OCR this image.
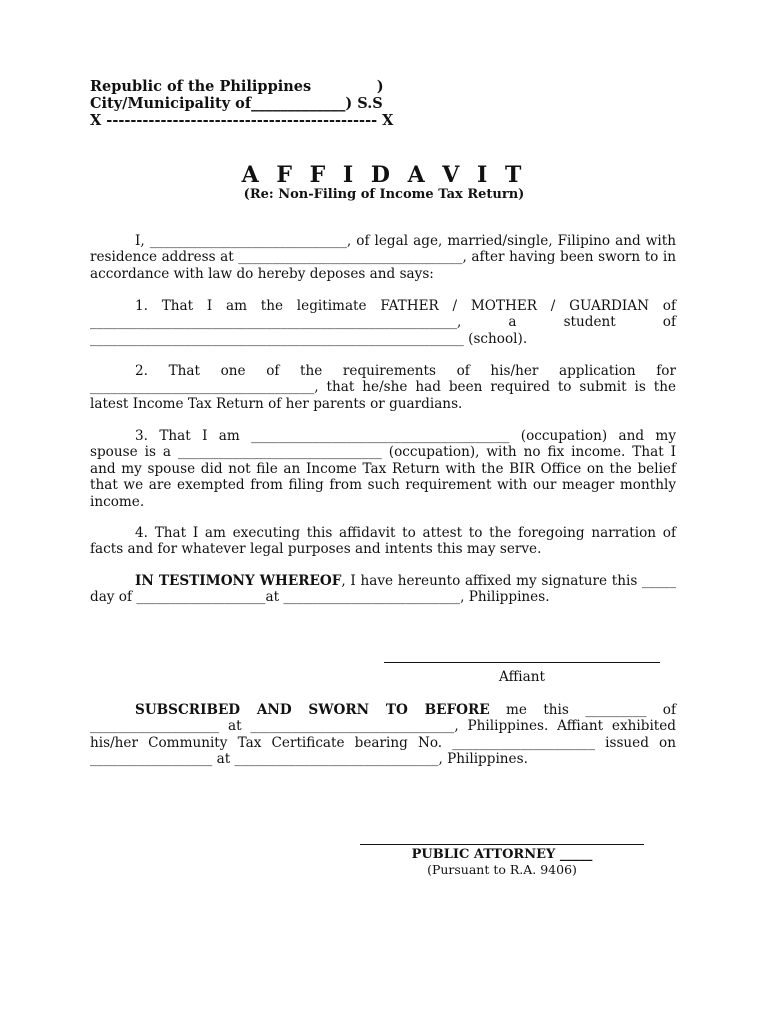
Republic of the Philippines             )
City/Municipality of_____________) S.S
X --------------------------------------------- X
A F F I D A V I T
(Re: Non-Filing of Income Tax Return)
I, _____________________________, of legal age, married/single, Filipino and with residence address at _________________________________, after having been sworn to in accordance with law do hereby deposes and says:
1. That I am the legitimate FATHER / MOTHER / GUARDIAN of ______________________________________________________, a student of _______________________________________________________ (school).
2. That one of the requirements of his/her application for _________________________________, that he/she had been required to submit is the latest Income Tax Return of her parents or guardians.
3. That I am ______________________________________ (occupation) and my spouse is a ______________________________ (occupation), with no fix income. That I and my spouse did not file an Income Tax Return with the BIR Office on the belief that we are exempted from filing from such requirement with our meager monthly income.
4. That I am executing this affidavit to attest to the foregoing narration of facts and for whatever legal purposes and intents this may serve.
IN TESTIMONY WHEREOF, I have hereunto affixed my signature this _____ day of ___________________at __________________________, Philippines.
Affiant
SUBSCRIBED AND SWORN TO BEFORE me this _________ of ___________________ at ______________________________, Philippines. Affiant exhibited his/her Community Tax Certificate bearing No. _____________________ issued on __________________ at ______________________________, Philippines.
PUBLIC ATTORNEY _____
(Pursuant to R.A. 9406)
